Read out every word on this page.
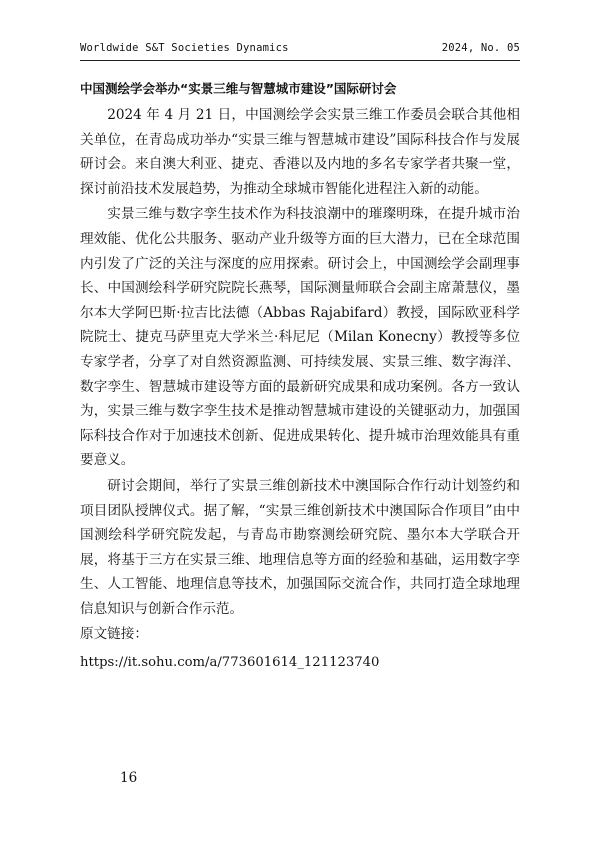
Worldwide S&T Societies Dynamics	2024, No. 05
中国测绘学会举办“实景三维与智慧城市建设”国际研讨会

2024 年 4 月 21 日，中国测绘学会实景三维工作委员会联合其他相关单位，在青岛成功举办“实景三维与智慧城市建设”国际科技合作与发展研讨会。来自澳大利亚、捷克、香港以及内地的多名专家学者共聚一堂，探讨前沿技术发展趋势，为推动全球城市智能化进程注入新的动能。

实景三维与数字孪生技术作为科技浪潮中的璀璨明珠，在提升城市治理效能、优化公共服务、驱动产业升级等方面的巨大潜力，已在全球范围内引发了广泛的关注与深度的应用探索。研讨会上，中国测绘学会副理事长、中国测绘科学研究院院长燕琴，国际测量师联合会副主席萧慧仪，墨尔本大学阿巴斯·拉吉比法德（Abbas Rajabifard）教授，国际欧亚科学院院士、捷克马萨里克大学米兰·科尼尼（Milan Konecny）教授等多位专家学者，分享了对自然资源监测、可持续发展、实景三维、数字海洋、数字孪生、智慧城市建设等方面的最新研究成果和成功案例。各方一致认为，实景三维与数字孪生技术是推动智慧城市建设的关键驱动力，加强国际科技合作对于加速技术创新、促进成果转化、提升城市治理效能具有重要意义。

研讨会期间，举行了实景三维创新技术中澳国际合作行动计划签约和项目团队授牌仪式。据了解，“实景三维创新技术中澳国际合作项目”由中国测绘科学研究院发起，与青岛市勘察测绘研究院、墨尔本大学联合开展，将基于三方在实景三维、地理信息等方面的经验和基础，运用数字孪生、人工智能、地理信息等技术，加强国际交流合作，共同打造全球地理信息知识与创新合作示范。

原文链接：

https://it.sohu.com/a/773601614_121123740
16
